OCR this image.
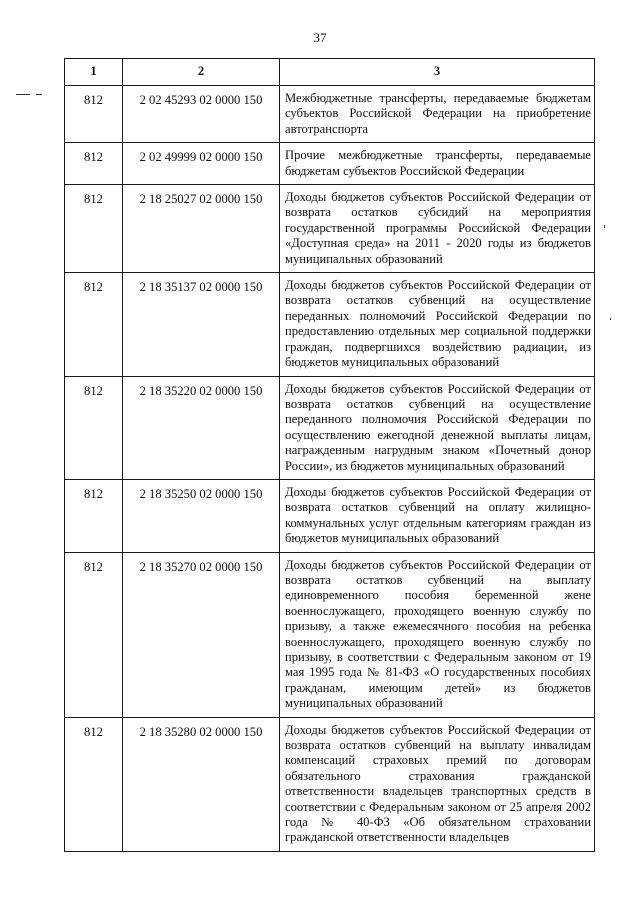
37
1	2	3
812	2 02 45293 02 0000 150	Межбюджетные трансферты, передаваемые бюджетам субъектов Российской Федерации на приобретение автотранспорта
812	2 02 49999 02 0000 150	Прочие межбюджетные трансферты, передаваемые бюджетам субъектов Российской Федерации
812	2 18 25027 02 0000 150	Доходы бюджетов субъектов Российской Федерации от возврата остатков субсидий на мероприятия государственной программы Российской Федерации «Доступная среда» на 2011 - 2020 годы из бюджетов муниципальных образований
812	2 18 35137 02 0000 150	Доходы бюджетов субъектов Российской Федерации от возврата остатков субвенций на осуществление переданных полномочий Российской Федерации по предоставлению отдельных мер социальной поддержки граждан, подвергшихся воздействию радиации, из бюджетов муниципальных образований
812	2 18 35220 02 0000 150	Доходы бюджетов субъектов Российской Федерации от возврата остатков субвенций на осуществление переданного полномочия Российской Федерации по осуществлению ежегодной денежной выплаты лицам, награжденным нагрудным знаком «Почетный донор России», из бюджетов муниципальных образований
812	2 18 35250 02 0000 150	Доходы бюджетов субъектов Российской Федерации от возврата остатков субвенций на оплату жилищно-коммунальных услуг отдельным категориям граждан из бюджетов муниципальных образований
812	2 18 35270 02 0000 150	Доходы бюджетов субъектов Российской Федерации от возврата остатков субвенций на выплату единовременного пособия беременной жене военнослужащего, проходящего военную службу по призыву, а также ежемесячного пособия на ребенка военнослужащего, проходящего военную службу по призыву, в соответствии с Федеральным законом от 19 мая 1995 года № 81-ФЗ «О государственных пособиях гражданам, имеющим детей» из бюджетов муниципальных образований
812	2 18 35280 02 0000 150	Доходы бюджетов субъектов Российской Федерации от возврата остатков субвенций на выплату инвалидам компенсаций страховых премий по договорам обязательного страхования гражданской ответственности владельцев транспортных средств в соответствии с Федеральным законом от 25 апреля 2002 года № 40-ФЗ «Об обязательном страховании гражданской ответственности владельцев
